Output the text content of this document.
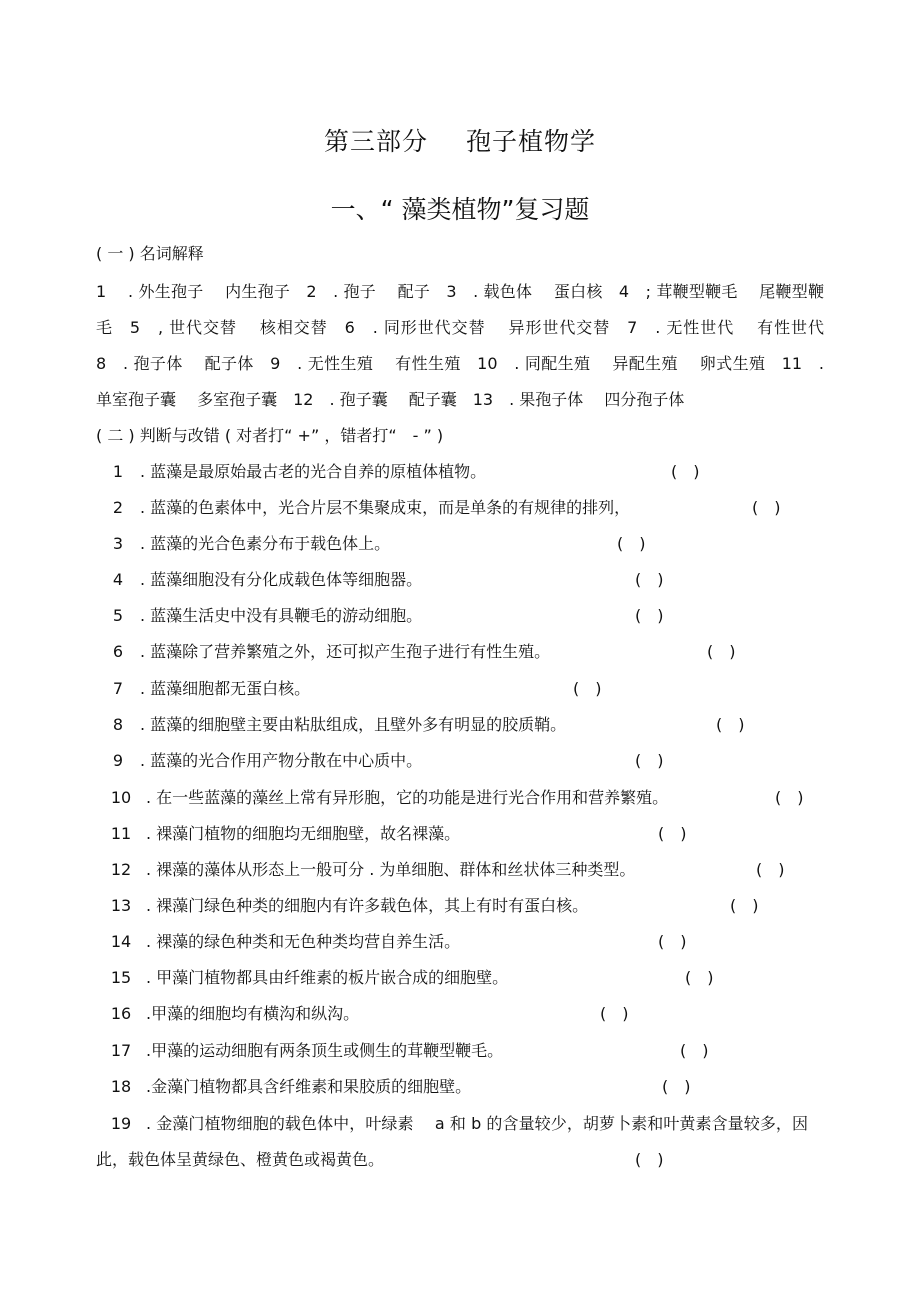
第三部分 孢子植物学
一、“ 藻类植物”复习题
( 一 ) 名词解释
1　 . 外生孢子　 内生孢子　2　. 孢子　 配子　3　. 载色体　 蛋白核　4　; 茸鞭型鞭毛　 尾鞭型鞭毛　5　, 世代交替　 核相交替　6　. 同形世代交替　 异形世代交替　7　. 无性世代　 有性世代　8　. 孢子体　 配子体　9　. 无性生殖　 有性生殖　10　. 同配生殖　 异配生殖　 卵式生殖　11　. 单室孢子囊　 多室孢子囊　12　. 孢子囊　 配子囊　13　. 果孢子体　 四分孢子体
( 二 ) 判断与改错 ( 对者打“ +” ，错者打“　- ” )
1 . 蓝藻是最原始最古老的光合自养的原植体植物。	(　)
2 . 蓝藻的色素体中，光合片层不集聚成束，而是单条的有规律的排列，	(　)
3 . 蓝藻的光合色素分布于载色体上。	(　)
4 . 蓝藻细胞没有分化成载色体等细胞器。	(　)
5 . 蓝藻生活史中没有具鞭毛的游动细胞。	(　)
6 . 蓝藻除了营养繁殖之外，还可拟产生孢子进行有性生殖。	(　)
7 . 蓝藻细胞都无蛋白核。	(　)
8 . 蓝藻的细胞壁主要由粘肽组成，且壁外多有明显的胶质鞘。	(　)
9 . 蓝藻的光合作用产物分散在中心质中。	(　)
10 . 在一些蓝藻的藻丝上常有异形胞，它的功能是进行光合作用和营养繁殖。	(　)
11 . 裸藻门植物的细胞均无细胞壁，故名裸藻。	(　)
12 . 裸藻的藻体从形态上一般可分 . 为单细胞、群体和丝状体三种类型。	(　)
13 . 裸藻门绿色种类的细胞内有许多载色体，其上有时有蛋白核。	(　)
14 . 裸藻的绿色种类和无色种类均营自养生活。	(　)
15 . 甲藻门植物都具由纤维素的板片嵌合成的细胞壁。	(　)
16 .甲藻的细胞均有横沟和纵沟。	(　)
17 .甲藻的运动细胞有两条顶生或侧生的茸鞭型鞭毛。	(　)
18 .金藻门植物都具含纤维素和果胶质的细胞壁。	(　)
19 . 金藻门植物细胞的载色体中，叶绿素　 a 和 b 的含量较少，胡萝卜素和叶黄素含量较多，因此，载色体呈黄绿色、橙黄色或褐黄色。	(　)
